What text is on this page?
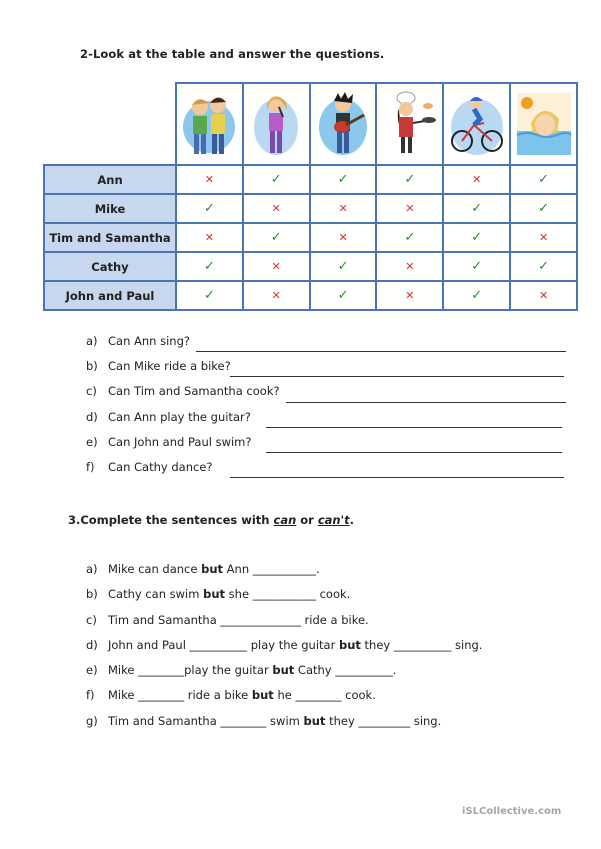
2-Look at the table and answer the questions.

Ann	✕	✓	✓	✓	✕	✓
Mike	✓	✕	✕	✕	✓	✓
Tim and Samantha	✕	✓	✕	✓	✓	✕
Cathy	✓	✕	✓	✕	✓	✓
John and Paul	✓	✕	✓	✕	✓	✕
a) Can Ann sing?
b) Can Mike ride a bike?
c) Can Tim and Samantha cook?
d) Can Ann play the guitar?
e) Can John and Paul swim?
f) Can Cathy dance?
3.Complete the sentences with can or can't.
a) Mike can dance but Ann ___________.
b) Cathy can swim but she ___________ cook.
c) Tim and Samantha ______________ ride a bike.
d) John and Paul __________ play the guitar but they __________ sing.
e) Mike ________play the guitar but Cathy __________.
f) Mike ________ ride a bike but he ________ cook.
g) Tim and Samantha ________ swim but they _________ sing.
iSLCollective.com
